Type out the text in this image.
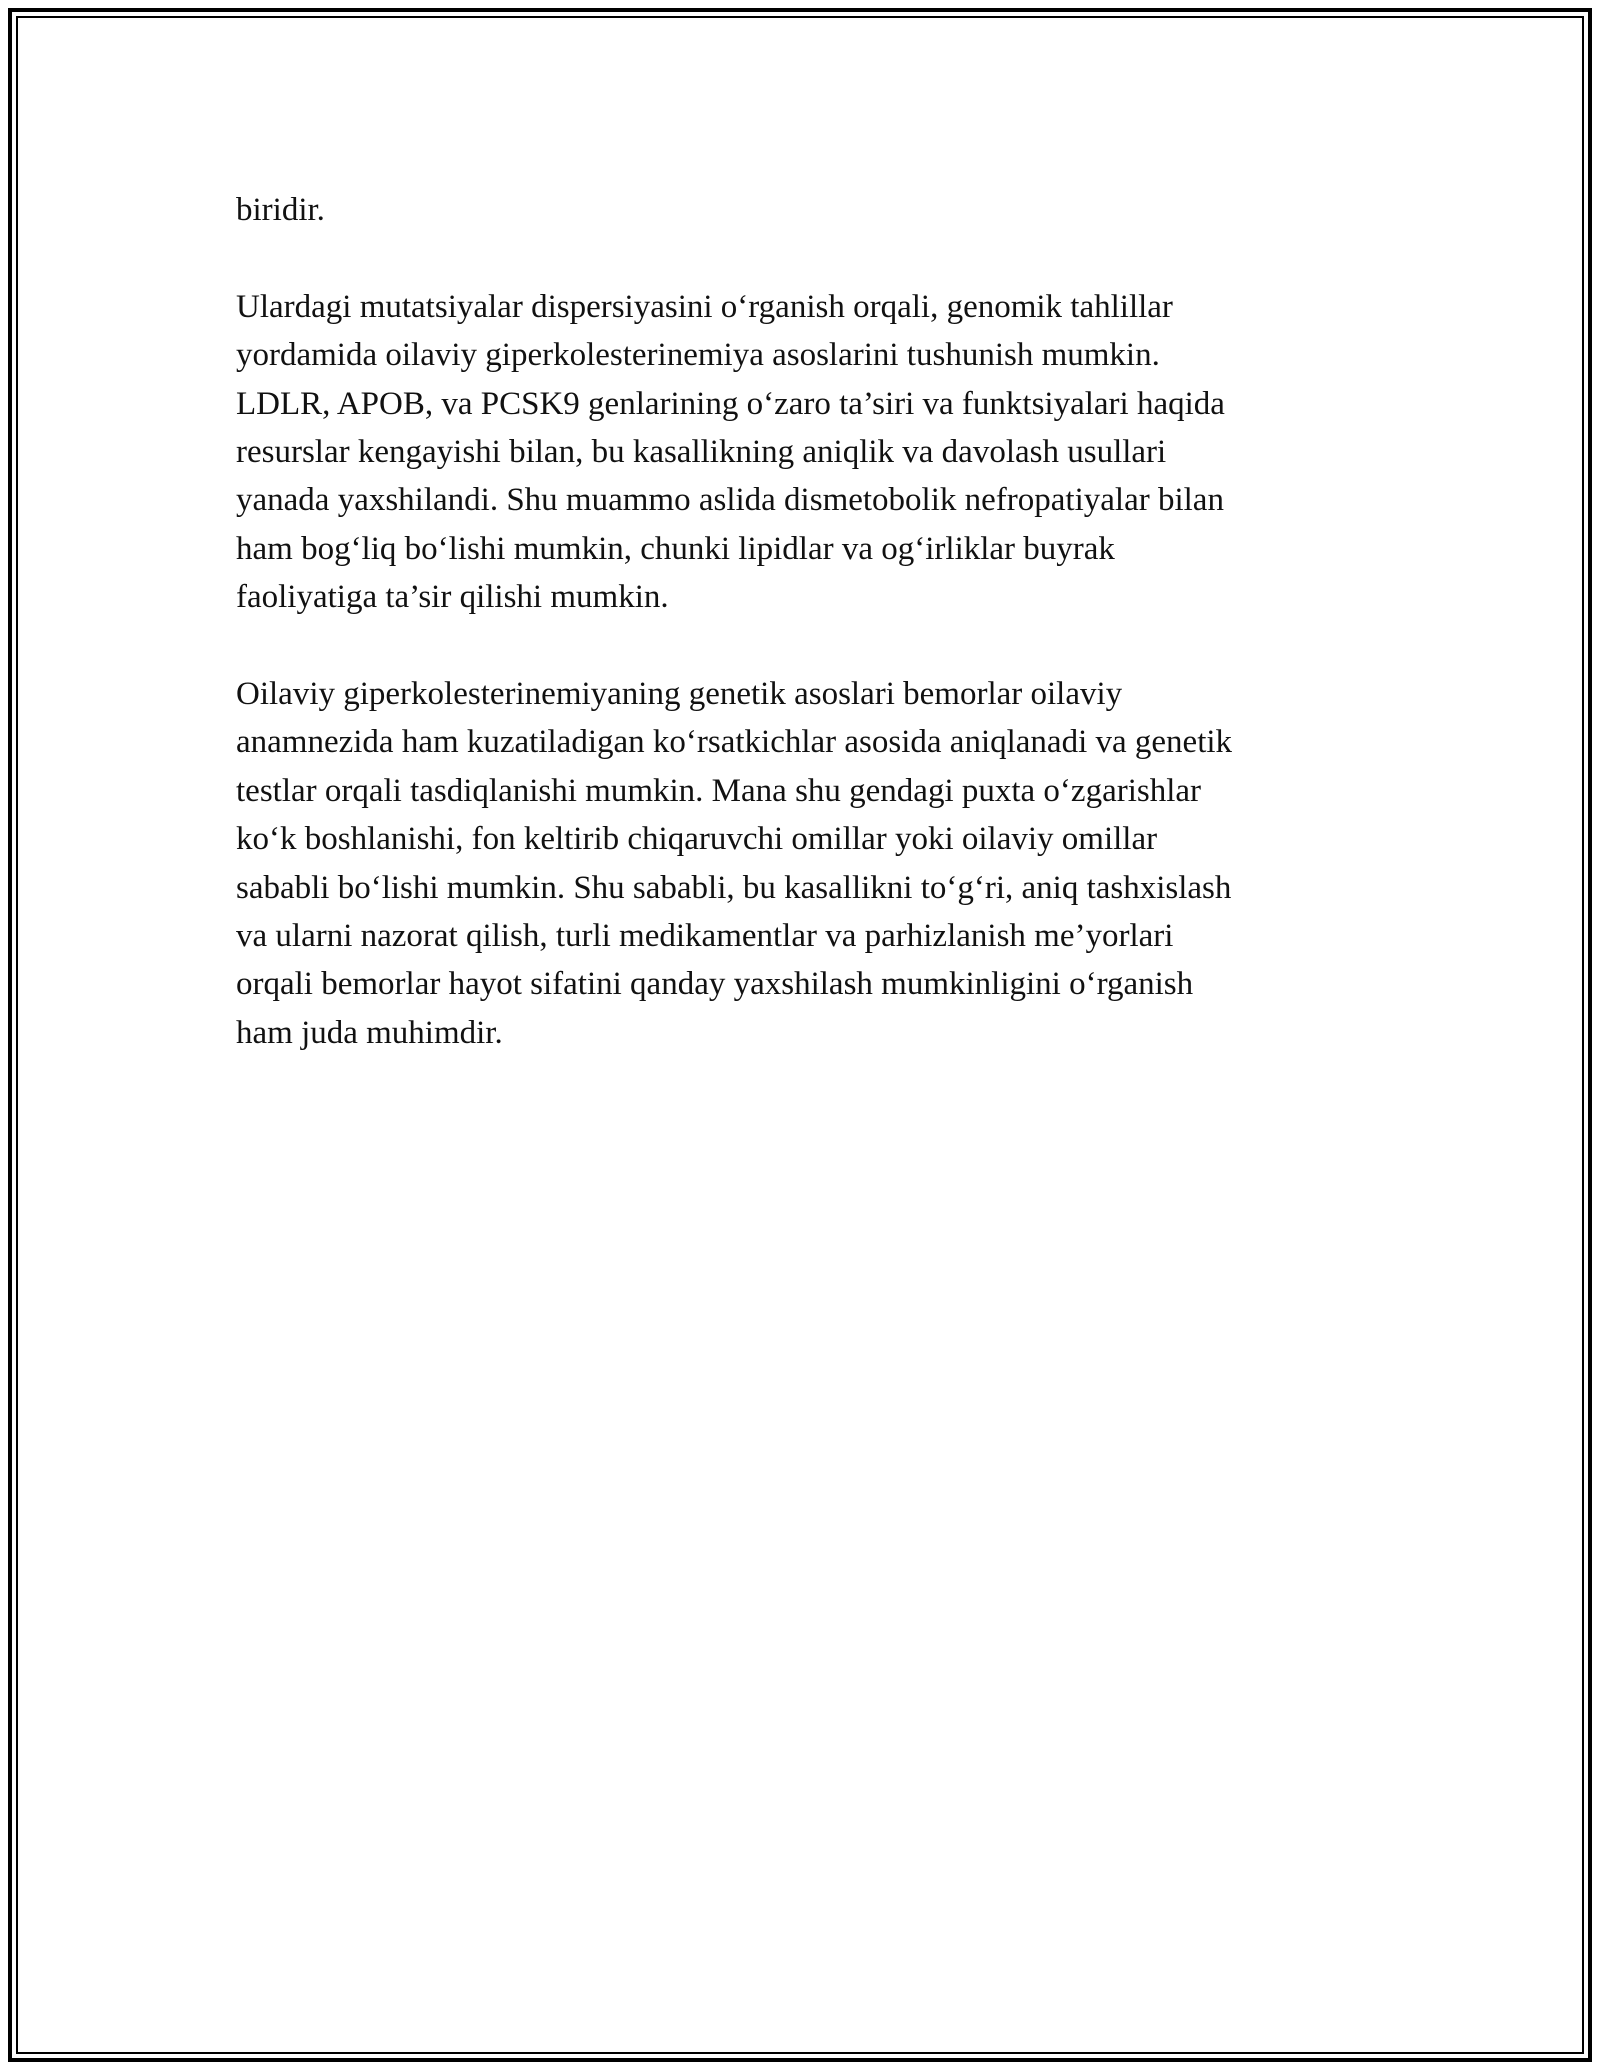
biridir.
Ulardagi mutatsiyalar dispersiyasini o‘rganish orqali, genomik tahlillar
yordamida oilaviy giperkolesterinemiya asoslarini tushunish mumkin.
LDLR, APOB, va PCSK9 genlarining o‘zaro ta’siri va funktsiyalari haqida
resurslar kengayishi bilan, bu kasallikning aniqlik va davolash usullari
yanada yaxshilandi. Shu muammo aslida dismetobolik nefropatiyalar bilan
ham bog‘liq bo‘lishi mumkin, chunki lipidlar va og‘irliklar buyrak
faoliyatiga ta’sir qilishi mumkin.
Oilaviy giperkolesterinemiyaning genetik asoslari bemorlar oilaviy
anamnezida ham kuzatiladigan ko‘rsatkichlar asosida aniqlanadi va genetik
testlar orqali tasdiqlanishi mumkin. Mana shu gendagi puxta o‘zgarishlar
ko‘k boshlanishi, fon keltirib chiqaruvchi omillar yoki oilaviy omillar
sababli bo‘lishi mumkin. Shu sababli, bu kasallikni to‘g‘ri, aniq tashxislash
va ularni nazorat qilish, turli medikamentlar va parhizlanish me’yorlari
orqali bemorlar hayot sifatini qanday yaxshilash mumkinligini o‘rganish
ham juda muhimdir.
